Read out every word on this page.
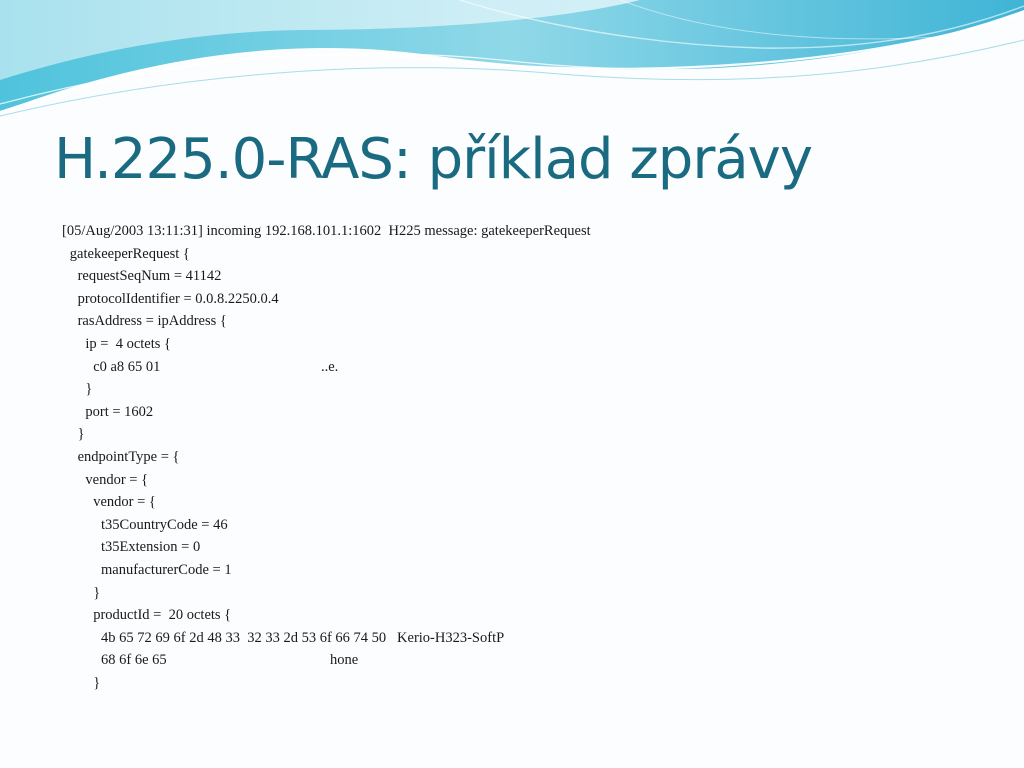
H.225.0-RAS: příklad zprávy
[05/Aug/2003 13:11:31] incoming 192.168.101.1:1602  H225 message: gatekeeperRequest
gatekeeperRequest {
requestSeqNum = 41142
protocolIdentifier = 0.0.8.2250.0.4
rasAddress = ipAddress {
ip =  4 octets {
c0 a8 65 01	..e.
}
port = 1602
}
endpointType = {
vendor = {
vendor = {
t35CountryCode = 46
t35Extension = 0
manufacturerCode = 1
}
productId =  20 octets {
4b 65 72 69 6f 2d 48 33  32 33 2d 53 6f 66 74 50   Kerio-H323-SoftP
68 6f 6e 65	hone
}
